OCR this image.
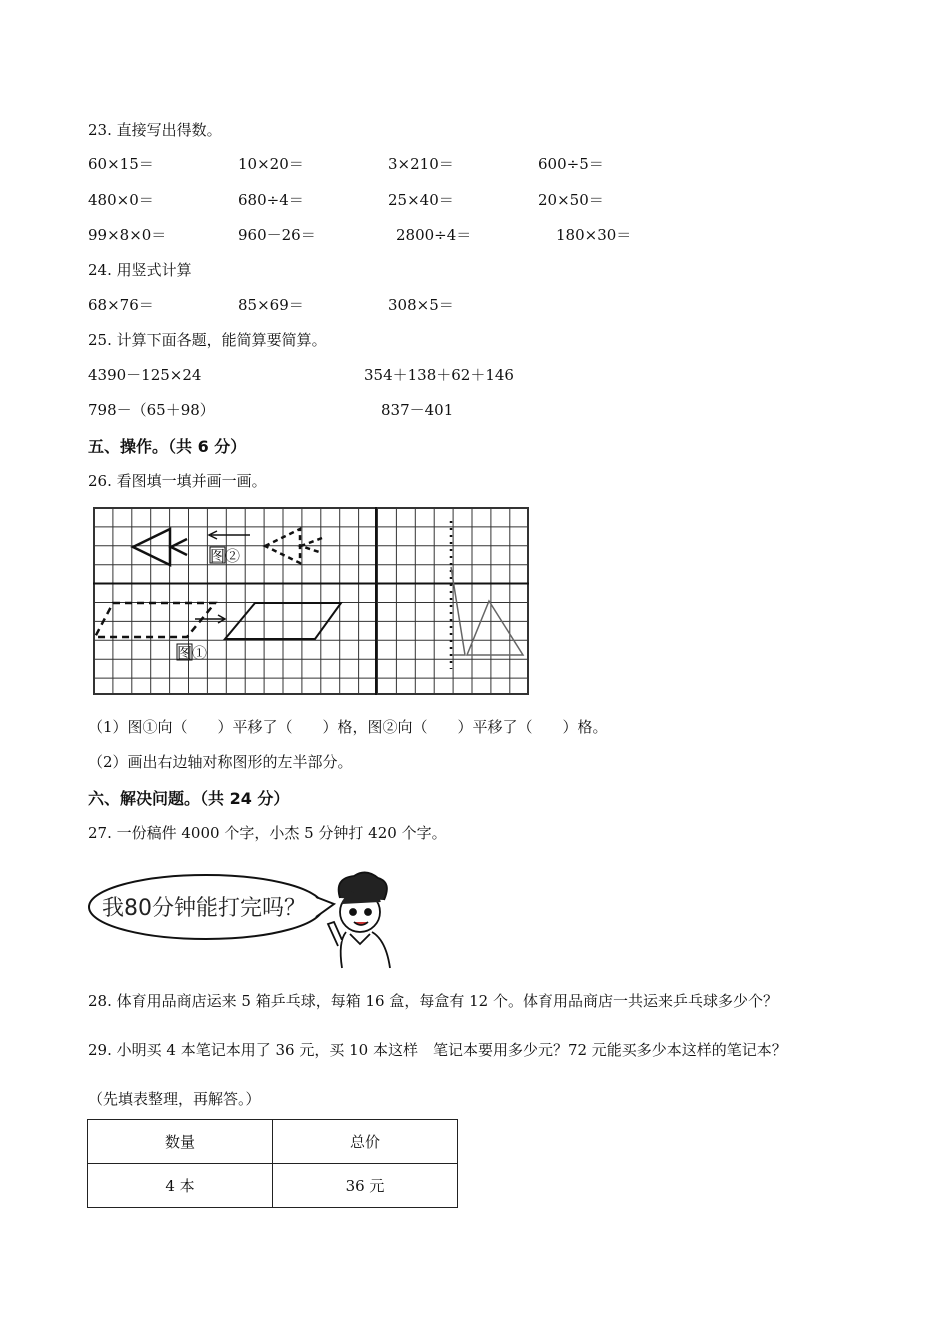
23. 直接写出得数。
60×15＝	10×20＝	3×210＝	600÷5＝
480×0＝	680÷4＝	25×40＝	20×50＝
99×8×0＝	960－26＝	2800÷4＝	180×30＝
24. 用竖式计算
68×76＝	85×69＝	308×5＝
25. 计算下面各题，能简算要简算。
4390－125×24	354＋138＋62＋146
798－（65＋98）	837－401
五、操作。（共 6 分）
26. 看图填一填并画一画。
图②
图①
（1）图①向（　　）平移了（　　）格，图②向（　　）平移了（　　）格。
（2）画出右边轴对称图形的左半部分。
六、解决问题。（共 24 分）
27. 一份稿件 4000 个字，小杰 5 分钟打 420 个字。
我80分钟能打完吗？
28. 体育用品商店运来 5 箱乒乓球，每箱 16 盒，每盒有 12 个。体育用品商店一共运来乒乓球多少个？
29. 小明买 4 本笔记本用了 36 元，买 10 本这样　笔记本要用多少元？72 元能买多少本这样的笔记本？
（先填表整理，再解答。）
数量	总价
4 本	36 元
